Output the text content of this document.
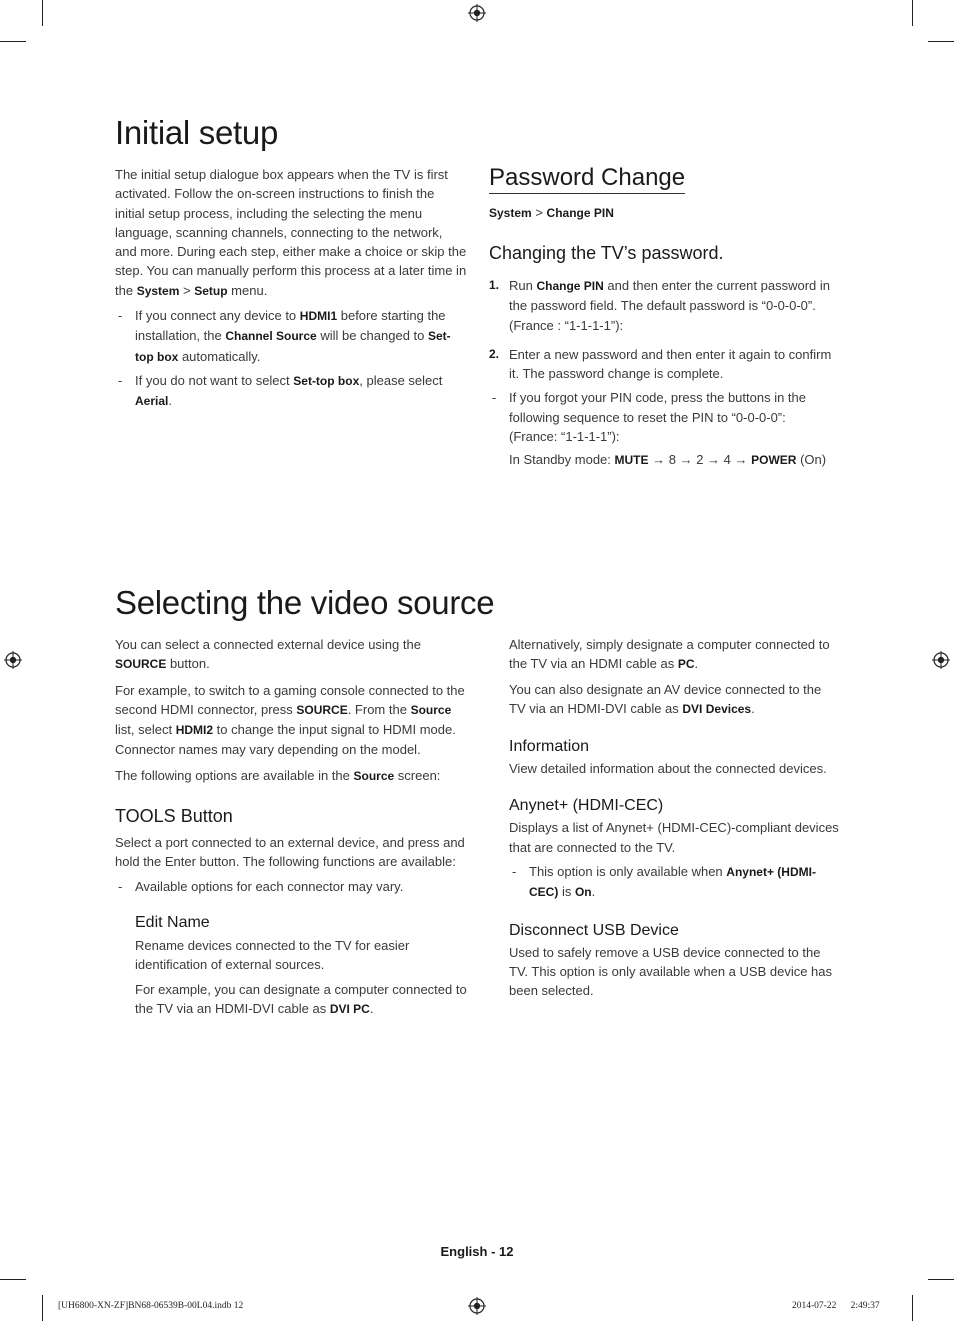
Initial setup

The initial setup dialogue box appears when the TV is first activated. Follow the on-screen instructions to finish the initial setup process, including the selecting the menu language, scanning channels, connecting to the network, and more. During each step, either make a choice or skip the step. You can manually perform this process at a later time in the System > Setup menu.

- If you connect any device to HDMI1 before starting the installation, the Channel Source will be changed to Set-top box automatically.

- If you do not want to select Set-top box, please select Aerial.

Password Change
System > Change PIN
Changing the TV’s password.

1. Run Change PIN and then enter the current password in the password field. The default password is “0-0-0-0”. (France : “1-1-1-1”):

2. Enter a new password and then enter it again to confirm it. The password change is complete.

- If you forgot your PIN code, press the buttons in the following sequence to reset the PIN to “0-0-0-0”: (France: “1-1-1-1”):

In Standby mode: MUTE → 8 → 2 → 4 → POWER (On)

Selecting the video source

You can select a connected external device using the SOURCE button.

For example, to switch to a gaming console connected to the second HDMI connector, press SOURCE. From the Source list, select HDMI2 to change the input signal to HDMI mode. Connector names may vary depending on the model.

The following options are available in the Source screen:

TOOLS Button

Select a port connected to an external device, and press and hold the Enter button. The following functions are available:

- Available options for each connector may vary.

Edit Name

Rename devices connected to the TV for easier identification of external sources.

For example, you can designate a computer connected to the TV via an HDMI-DVI cable as DVI PC.

Alternatively, simply designate a computer connected to the TV via an HDMI cable as PC.

You can also designate an AV device connected to the TV via an HDMI-DVI cable as DVI Devices.

Information

View detailed information about the connected devices.

Anynet+ (HDMI-CEC)

Displays a list of Anynet+ (HDMI-CEC)-compliant devices that are connected to the TV.

- This option is only available when Anynet+ (HDMI-CEC) is On.

Disconnect USB Device

Used to safely remove a USB device connected to the TV. This option is only available when a USB device has been selected.

English - 12
[UH6800-XN-ZF]BN68-06539B-00L04.indb 12	2014-07-22      2:49:37
